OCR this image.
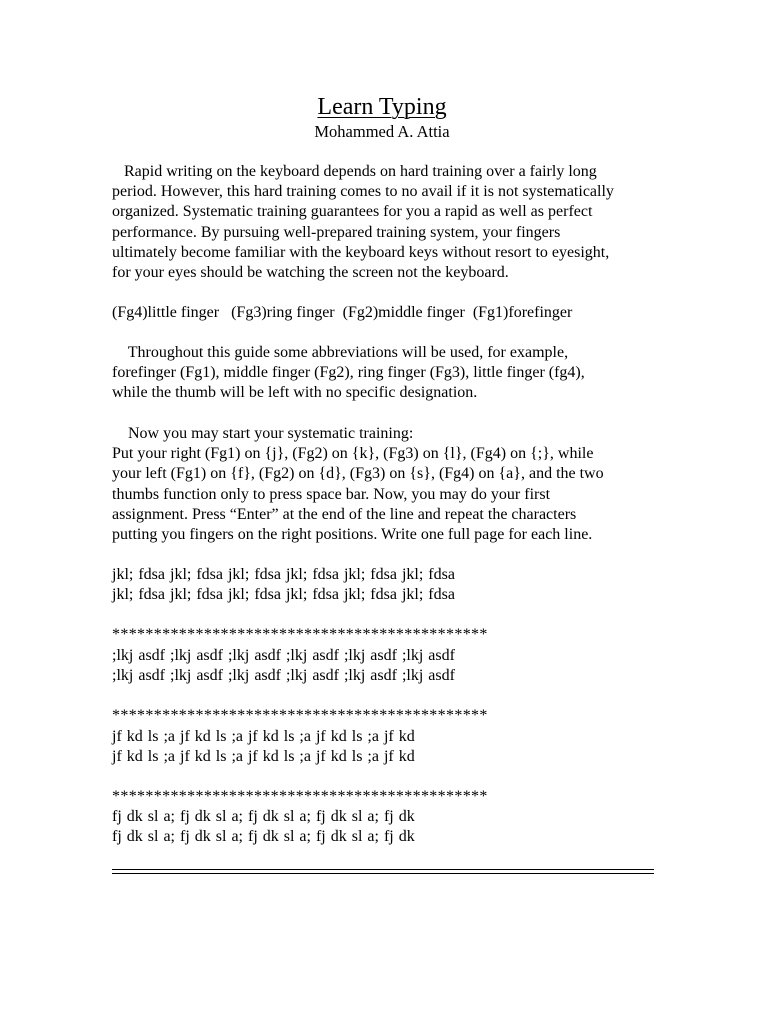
Learn Typing
Mohammed A. Attia
Rapid writing on the keyboard depends on hard training over a fairly long
period. However, this hard training comes to no avail if it is not systematically
organized. Systematic training guarantees for you a rapid as well as perfect
performance. By pursuing well-prepared training system, your fingers
ultimately become familiar with the keyboard keys without resort to eyesight,
for your eyes should be watching the screen not the keyboard.
(Fg4)little finger   (Fg3)ring finger  (Fg2)middle finger  (Fg1)forefinger
Throughout this guide some abbreviations will be used, for example,
forefinger (Fg1), middle finger (Fg2), ring finger (Fg3), little finger (fg4),
while the thumb will be left with no specific designation.
Now you may start your systematic training:
Put your right (Fg1) on {j}, (Fg2) on {k}, (Fg3) on {l}, (Fg4) on {;}, while
your left (Fg1) on {f}, (Fg2) on {d}, (Fg3) on {s}, (Fg4) on {a}, and the two
thumbs function only to press space bar. Now, you may do your first
assignment. Press “Enter” at the end of the line and repeat the characters
putting you fingers on the right positions. Write one full page for each line.
jkl; fdsa jkl; fdsa jkl; fdsa jkl; fdsa jkl; fdsa jkl; fdsa
jkl; fdsa jkl; fdsa jkl; fdsa jkl; fdsa jkl; fdsa jkl; fdsa
*********************************************
;lkj asdf ;lkj asdf ;lkj asdf ;lkj asdf ;lkj asdf ;lkj asdf
;lkj asdf ;lkj asdf ;lkj asdf ;lkj asdf ;lkj asdf ;lkj asdf
*********************************************
jf kd ls ;a jf kd ls ;a jf kd ls ;a jf kd ls ;a jf kd
jf kd ls ;a jf kd ls ;a jf kd ls ;a jf kd ls ;a jf kd
*********************************************
fj dk sl a; fj dk sl a; fj dk sl a; fj dk sl a; fj dk
fj dk sl a; fj dk sl a; fj dk sl a; fj dk sl a; fj dk
